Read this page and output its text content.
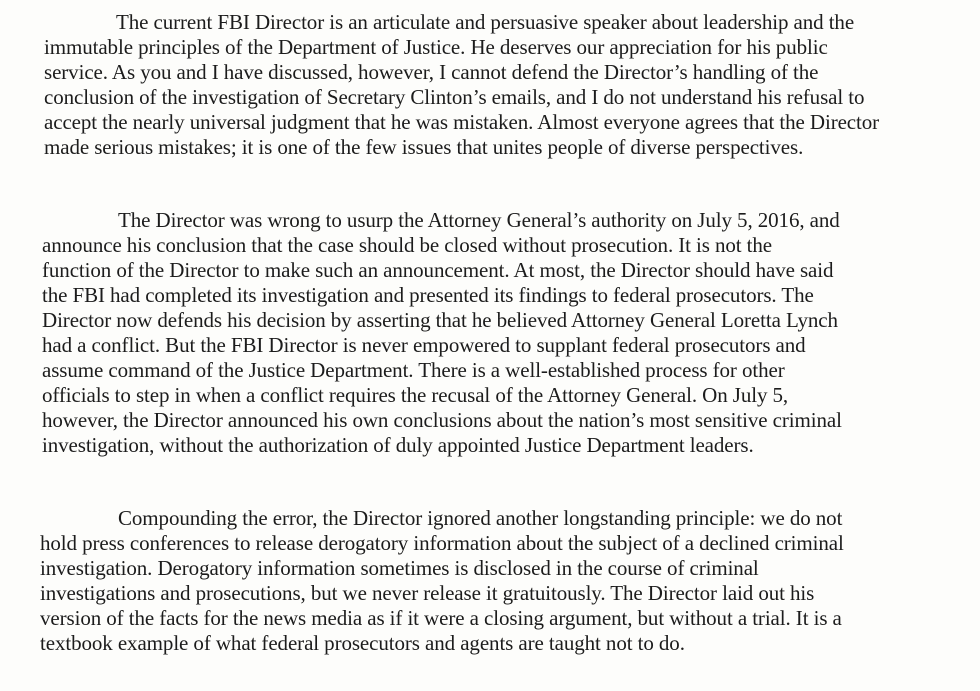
The current FBI Director is an articulate and persuasive speaker about leadership and the
immutable principles of the Department of Justice. He deserves our appreciation for his public
service. As you and I have discussed, however, I cannot defend the Director’s handling of the
conclusion of the investigation of Secretary Clinton’s emails, and I do not understand his refusal to
accept the nearly universal judgment that he was mistaken. Almost everyone agrees that the Director
made serious mistakes; it is one of the few issues that unites people of diverse perspectives.
The Director was wrong to usurp the Attorney General’s authority on July 5, 2016, and
announce his conclusion that the case should be closed without prosecution. It is not the
function of the Director to make such an announcement. At most, the Director should have said
the FBI had completed its investigation and presented its findings to federal prosecutors. The
Director now defends his decision by asserting that he believed Attorney General Loretta Lynch
had a conflict. But the FBI Director is never empowered to supplant federal prosecutors and
assume command of the Justice Department. There is a well-established process for other
officials to step in when a conflict requires the recusal of the Attorney General. On July 5,
however, the Director announced his own conclusions about the nation’s most sensitive criminal
investigation, without the authorization of duly appointed Justice Department leaders.
Compounding the error, the Director ignored another longstanding principle: we do not
hold press conferences to release derogatory information about the subject of a declined criminal
investigation. Derogatory information sometimes is disclosed in the course of criminal
investigations and prosecutions, but we never release it gratuitously. The Director laid out his
version of the facts for the news media as if it were a closing argument, but without a trial. It is a
textbook example of what federal prosecutors and agents are taught not to do.
